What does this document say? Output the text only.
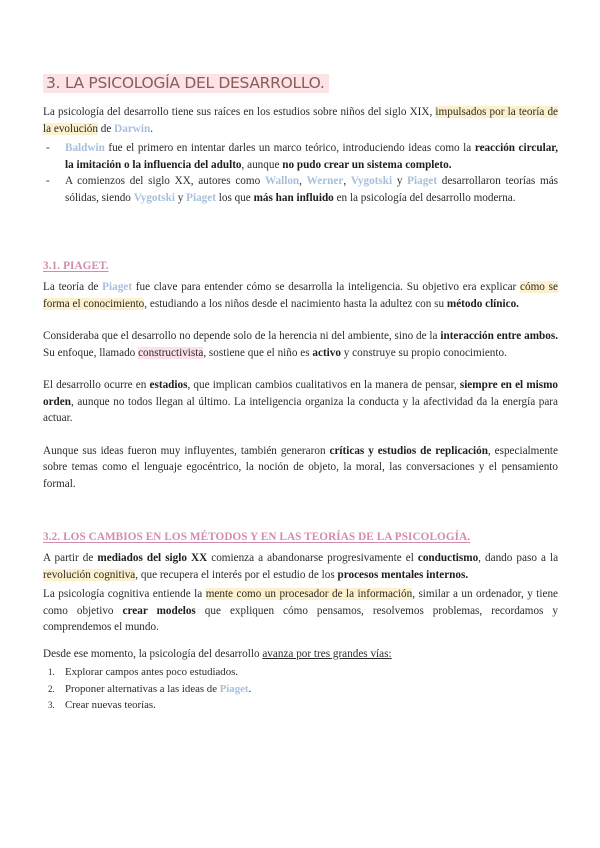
3. LA PSICOLOGÍA DEL DESARROLLO.

La psicología del desarrollo tiene sus raíces en los estudios sobre niños del siglo XIX, impulsados por la teoría de la evolución de Darwin.

- Baldwin fue el primero en intentar darles un marco teórico, introduciendo ideas como la reacción circular, la imitación o la influencia del adulto, aunque no pudo crear un sistema completo.
- A comienzos del siglo XX, autores como Wallon, Werner, Vygotski y Piaget desarrollaron teorías más sólidas, siendo Vygotski y Piaget los que más han influido en la psicología del desarrollo moderna.
3.1. PIAGET.

La teoría de Piaget fue clave para entender cómo se desarrolla la inteligencia. Su objetivo era explicar cómo se forma el conocimiento, estudiando a los niños desde el nacimiento hasta la adultez con su método clínico.

Consideraba que el desarrollo no depende solo de la herencia ni del ambiente, sino de la interacción entre ambos. Su enfoque, llamado constructivista, sostiene que el niño es activo y construye su propio conocimiento.

El desarrollo ocurre en estadios, que implican cambios cualitativos en la manera de pensar, siempre en el mismo orden, aunque no todos llegan al último. La inteligencia organiza la conducta y la afectividad da la energía para actuar.

Aunque sus ideas fueron muy influyentes, también generaron críticas y estudios de replicación, especialmente sobre temas como el lenguaje egocéntrico, la noción de objeto, la moral, las conversaciones y el pensamiento formal.

3.2. LOS CAMBIOS EN LOS MÉTODOS Y EN LAS TEORÍAS DE LA PSICOLOGÍA.

A partir de mediados del siglo XX comienza a abandonarse progresivamente el conductismo, dando paso a la revolución cognitiva, que recupera el interés por el estudio de los procesos mentales internos.

La psicología cognitiva entiende la mente como un procesador de la información, similar a un ordenador, y tiene como objetivo crear modelos que expliquen cómo pensamos, resolvemos problemas, recordamos y comprendemos el mundo.

Desde ese momento, la psicología del desarrollo avanza por tres grandes vías:

1. Explorar campos antes poco estudiados.
2. Proponer alternativas a las ideas de Piaget.
3. Crear nuevas teorías.
